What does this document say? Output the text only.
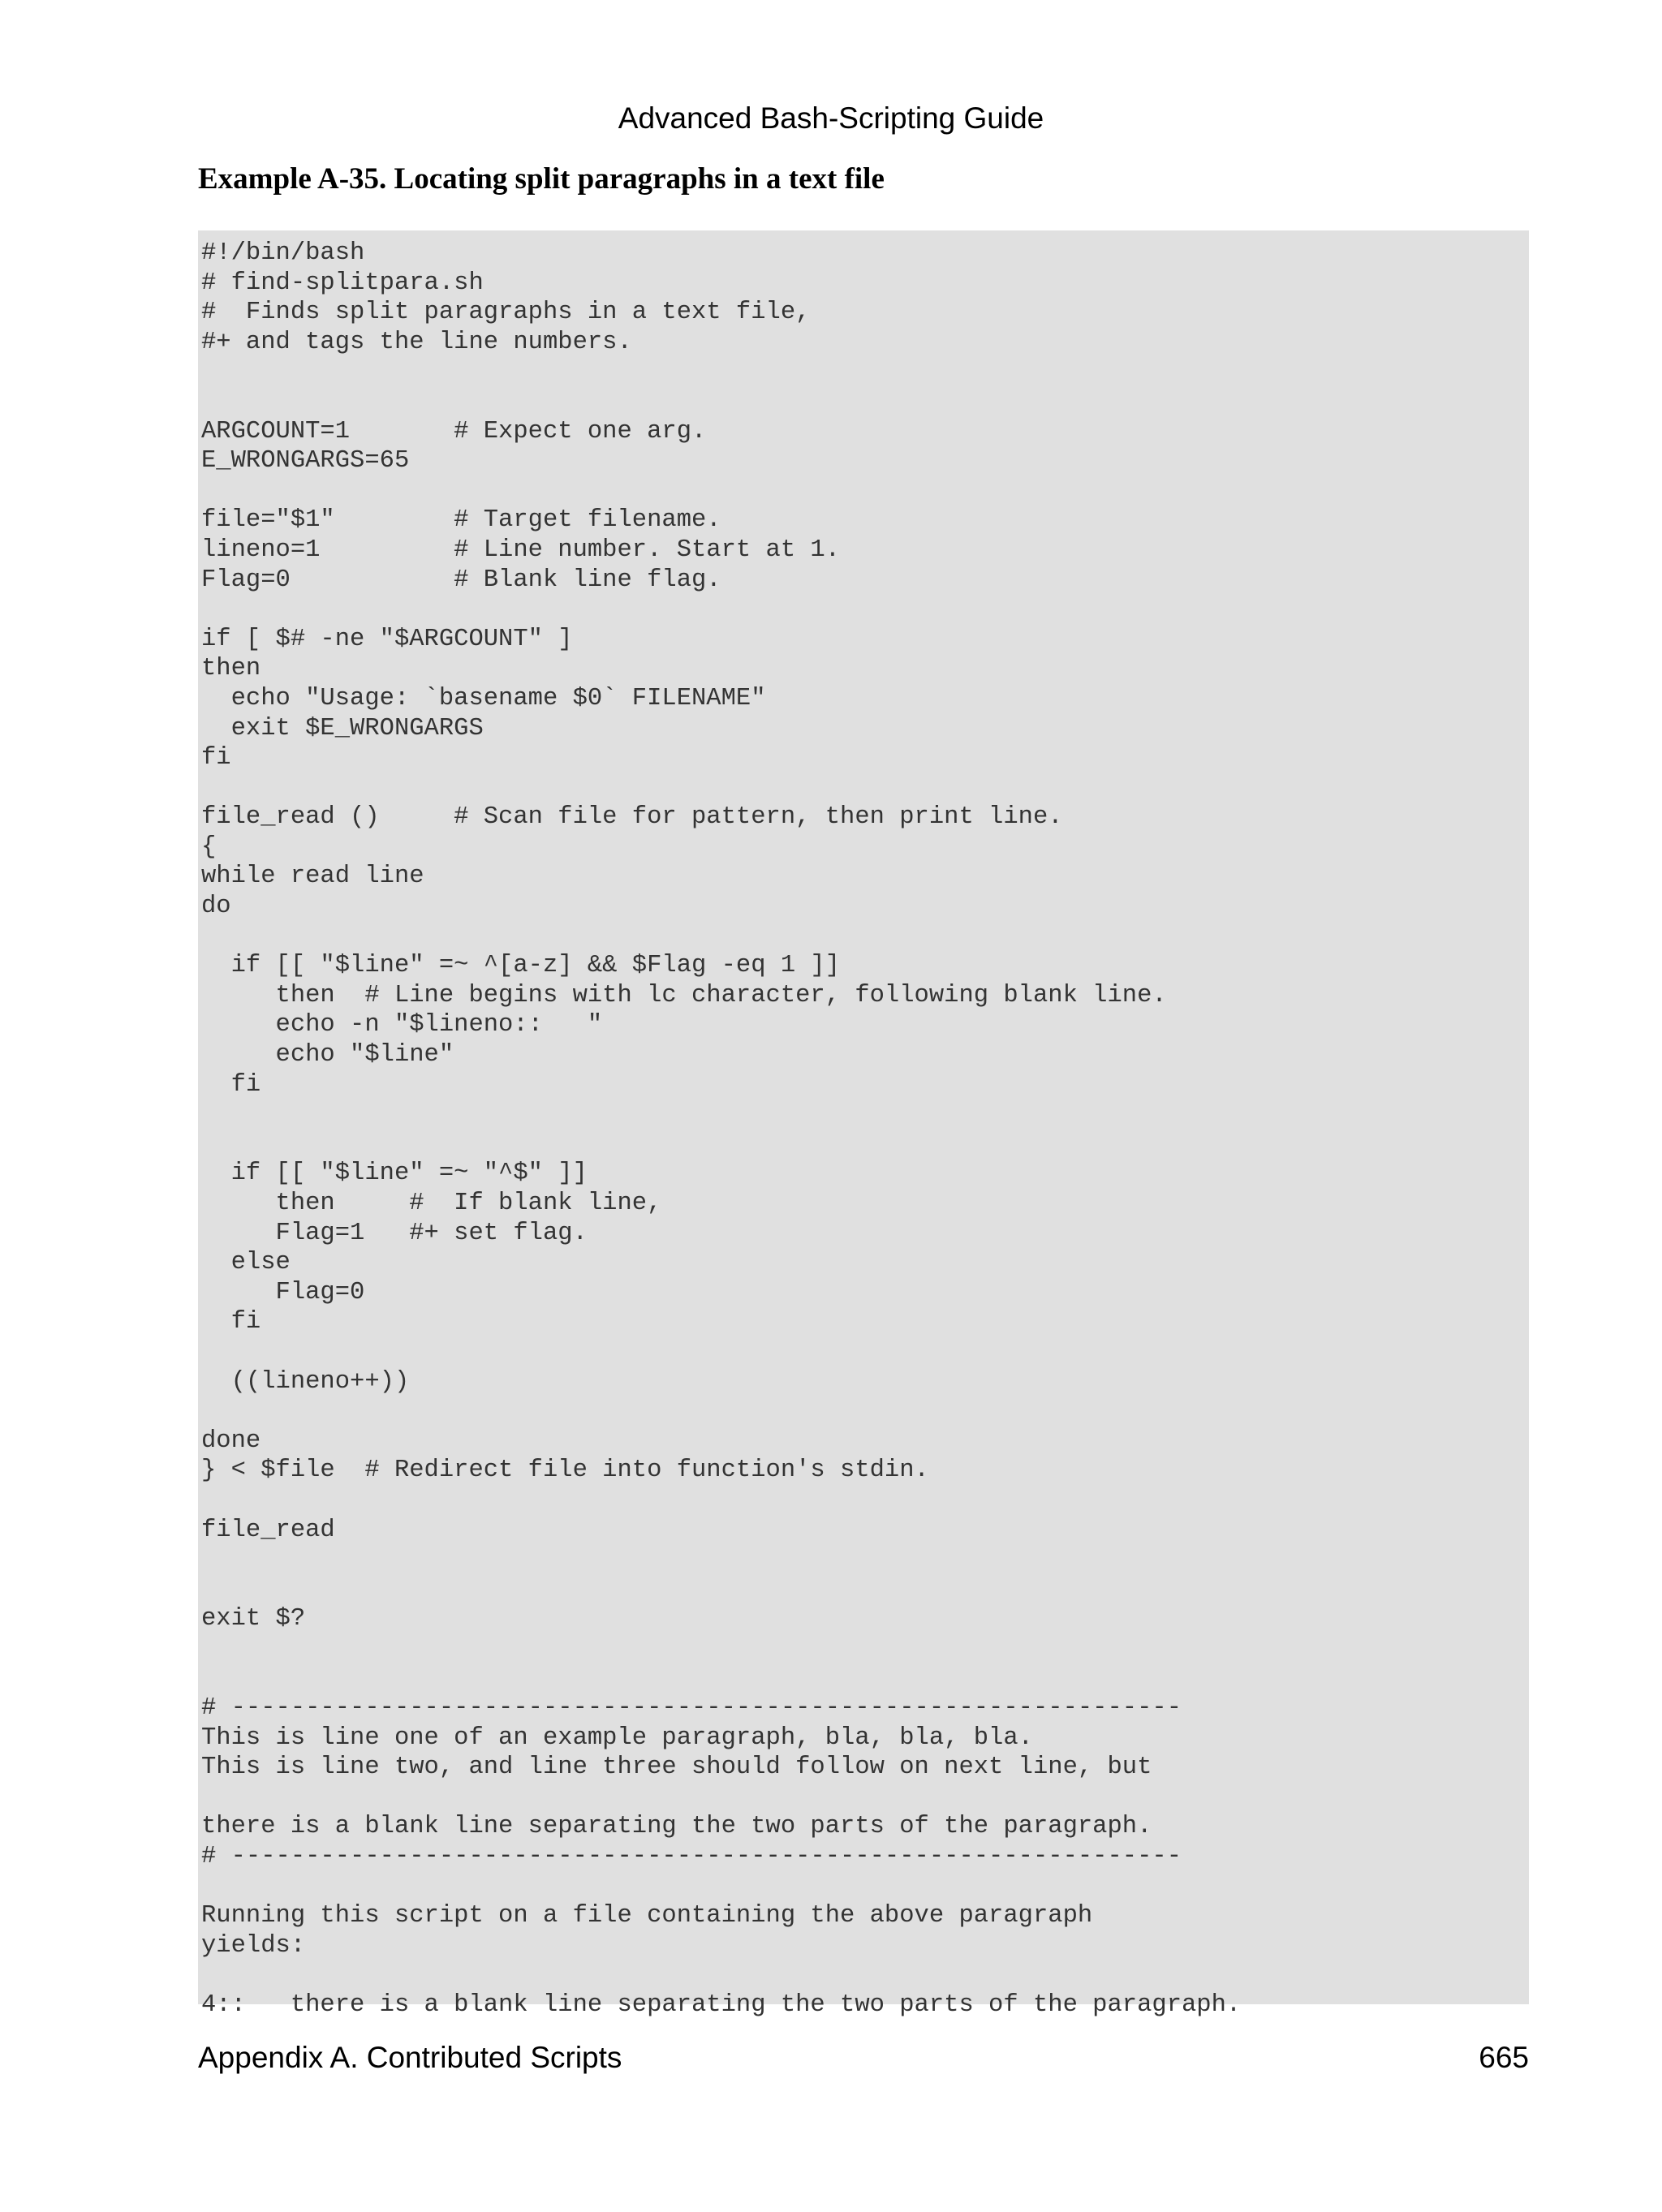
Advanced Bash-Scripting Guide
Example A-35. Locating split paragraphs in a text file
#!/bin/bash
# find-splitpara.sh
#  Finds split paragraphs in a text file,
#+ and tags the line numbers.

ARGCOUNT=1       # Expect one arg.
E_WRONGARGS=65

file="$1"        # Target filename.
lineno=1         # Line number. Start at 1.
Flag=0           # Blank line flag.

if [ $# -ne "$ARGCOUNT" ]
then
echo "Usage: `basename $0` FILENAME"
exit $E_WRONGARGS
fi

file_read ()     # Scan file for pattern, then print line.
{
while read line
do

if [[ "$line" =~ ^[a-z] && $Flag -eq 1 ]]
then  # Line begins with lc character, following blank line.
echo -n "$lineno::   "
echo "$line"
fi

if [[ "$line" =~ "^$" ]]
then     #  If blank line,
Flag=1   #+ set flag.
else
Flag=0
fi

((lineno++))

done
} < $file  # Redirect file into function's stdin.

file_read

exit $?

# ----------------------------------------------------------------
This is line one of an example paragraph, bla, bla, bla.
This is line two, and line three should follow on next line, but

there is a blank line separating the two parts of the paragraph.
# ----------------------------------------------------------------

Running this script on a file containing the above paragraph
yields:

4::   there is a blank line separating the two parts of the paragraph.
Appendix A. Contributed Scripts	665
